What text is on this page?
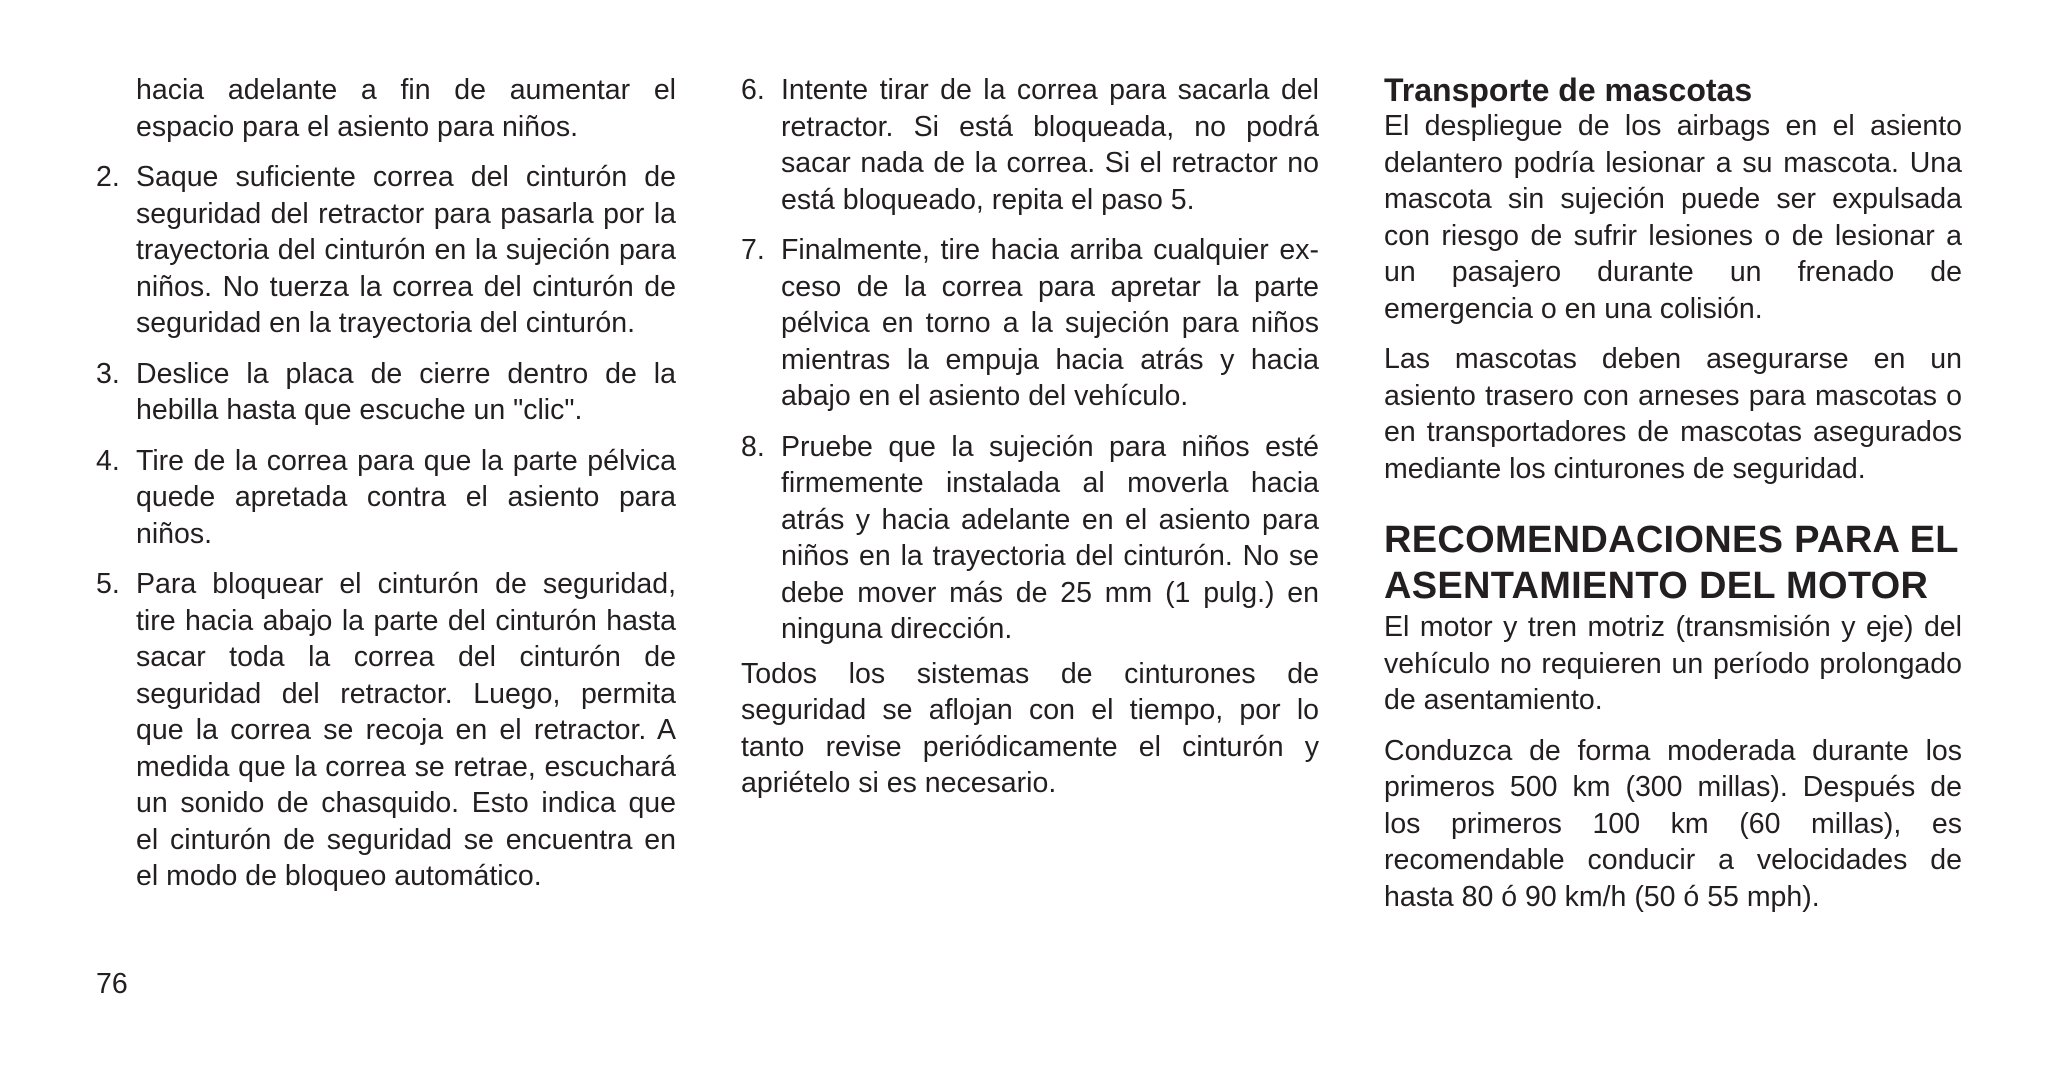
hacia adelante a fin de aumentar el espacio para el asiento para niños.

2. Saque suficiente correa del cinturón de seguridad del retractor para pasarla por la trayectoria del cinturón en la sujeción para niños. No tuerza la correa del cinturón de seguridad en la trayectoria del cinturón.
3. Deslice la placa de cierre dentro de la hebilla hasta que escuche un "clic".
4. Tire de la correa para que la parte pélvica quede apretada contra el asiento para niños.
5. Para bloquear el cinturón de seguridad, tire hacia abajo la parte del cinturón hasta sacar toda la correa del cinturón de seguridad del retractor. Luego, permita que la correa se recoja en el retractor. A medida que la correa se retrae, escuchará un sonido de chasquido. Esto indica que el cinturón de seguridad se encuentra en el modo de bloqueo automático.
6. Intente tirar de la correa para sacarla del retractor. Si está bloqueada, no podrá sacar nada de la correa. Si el retractor no está bloqueado, repita el paso 5.
7. Finalmente, tire hacia arriba cualquier exceso de la correa para apretar la parte pélvica en torno a la sujeción para niños mientras la empuja hacia atrás y hacia abajo en el asiento del vehículo.
8. Pruebe que la sujeción para niños esté firmemente instalada al moverla hacia atrás y hacia adelante en el asiento para niños en la trayectoria del cinturón. No se debe mover más de 25 mm (1 pulg.) en ninguna dirección.

Todos los sistemas de cinturones de seguridad se aflojan con el tiempo, por lo tanto revise periódicamente el cinturón y apriételo si es necesario.

Transporte de mascotas

El despliegue de los airbags en el asiento delantero podría lesionar a su mascota. Una mascota sin sujeción puede ser expulsada con riesgo de sufrir lesiones o de lesionar a un pasajero durante un frenado de emergencia o en una colisión.

Las mascotas deben asegurarse en un asiento trasero con arneses para mascotas o en transportadores de mascotas asegurados mediante los cinturones de seguridad.

RECOMENDACIONES PARA EL ASENTAMIENTO DEL MOTOR

El motor y tren motriz (transmisión y eje) del vehículo no requieren un período prolongado de asentamiento.

Conduzca de forma moderada durante los primeros 500 km (300 millas). Después de los primeros 100 km (60 millas), es recomendable conducir a velocidades de hasta 80 ó 90 km/h (50 ó 55 mph).

76
